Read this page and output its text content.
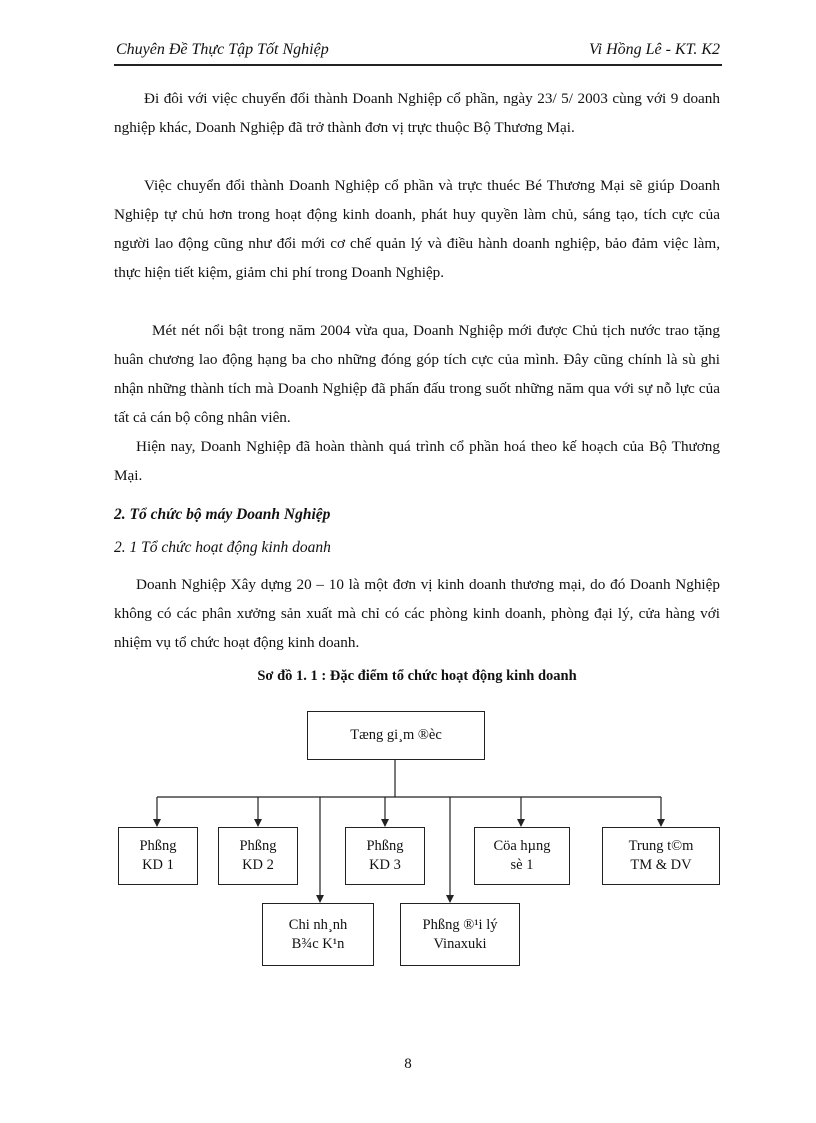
Chuyên Đề Thực Tập Tốt Nghiệp	Vi Hồng Lê - KT. K2

Đi đôi với việc chuyển đổi thành Doanh Nghiệp cổ phần, ngày 23/ 5/ 2003 cùng với 9 doanh nghiệp khác, Doanh Nghiệp đã trở thành đơn vị trực thuộc Bộ Thương Mại.

Việc chuyển đổi thành Doanh Nghiệp cổ phần và trực thuéc Bé Thương Mại sẽ giúp Doanh Nghiệp tự chủ hơn trong hoạt động kinh doanh, phát huy quyền làm chủ, sáng tạo, tích cực của người lao động cũng như đổi mới cơ chế quản lý và điều hành doanh nghiệp, bảo đảm việc làm, thực hiện tiết kiệm, giảm chi phí trong Doanh Nghiệp.

Mét nét nổi bật trong năm 2004 vừa qua, Doanh Nghiệp mới được Chủ tịch nước trao tặng huân chương lao động hạng ba cho những đóng góp tích cực của mình. Đây cũng chính là sù ghi nhận những thành tích mà Doanh Nghiệp đã phấn đấu trong suốt những năm qua với sự nỗ lực của tất cả cán bộ công nhân viên.

Hiện nay, Doanh Nghiệp đã hoàn thành quá trình cổ phần hoá theo kế hoạch của Bộ Thương Mại.

2. Tổ chức bộ máy Doanh Nghiệp

2. 1 Tổ chức hoạt động kinh doanh

Doanh Nghiệp Xây dựng 20 – 10 là một đơn vị kinh doanh thương mại, do đó Doanh Nghiệp không có các phân xưởng sản xuất mà chỉ có các phòng kinh doanh, phòng đại lý, cửa hàng với nhiệm vụ tổ chức hoạt động kinh doanh.

Sơ đồ 1. 1 : Đặc điểm tổ chức hoạt động kinh doanh
Tæng gi¸m ®èc
Phßng
KD 1
Phßng
KD 2
Phßng
KD 3
Cöa hµng
sè 1
Trung t©m
TM & DV
Chi nh¸nh
B¾c K¹n
Phßng ®¹i lý
Vinaxuki
8
